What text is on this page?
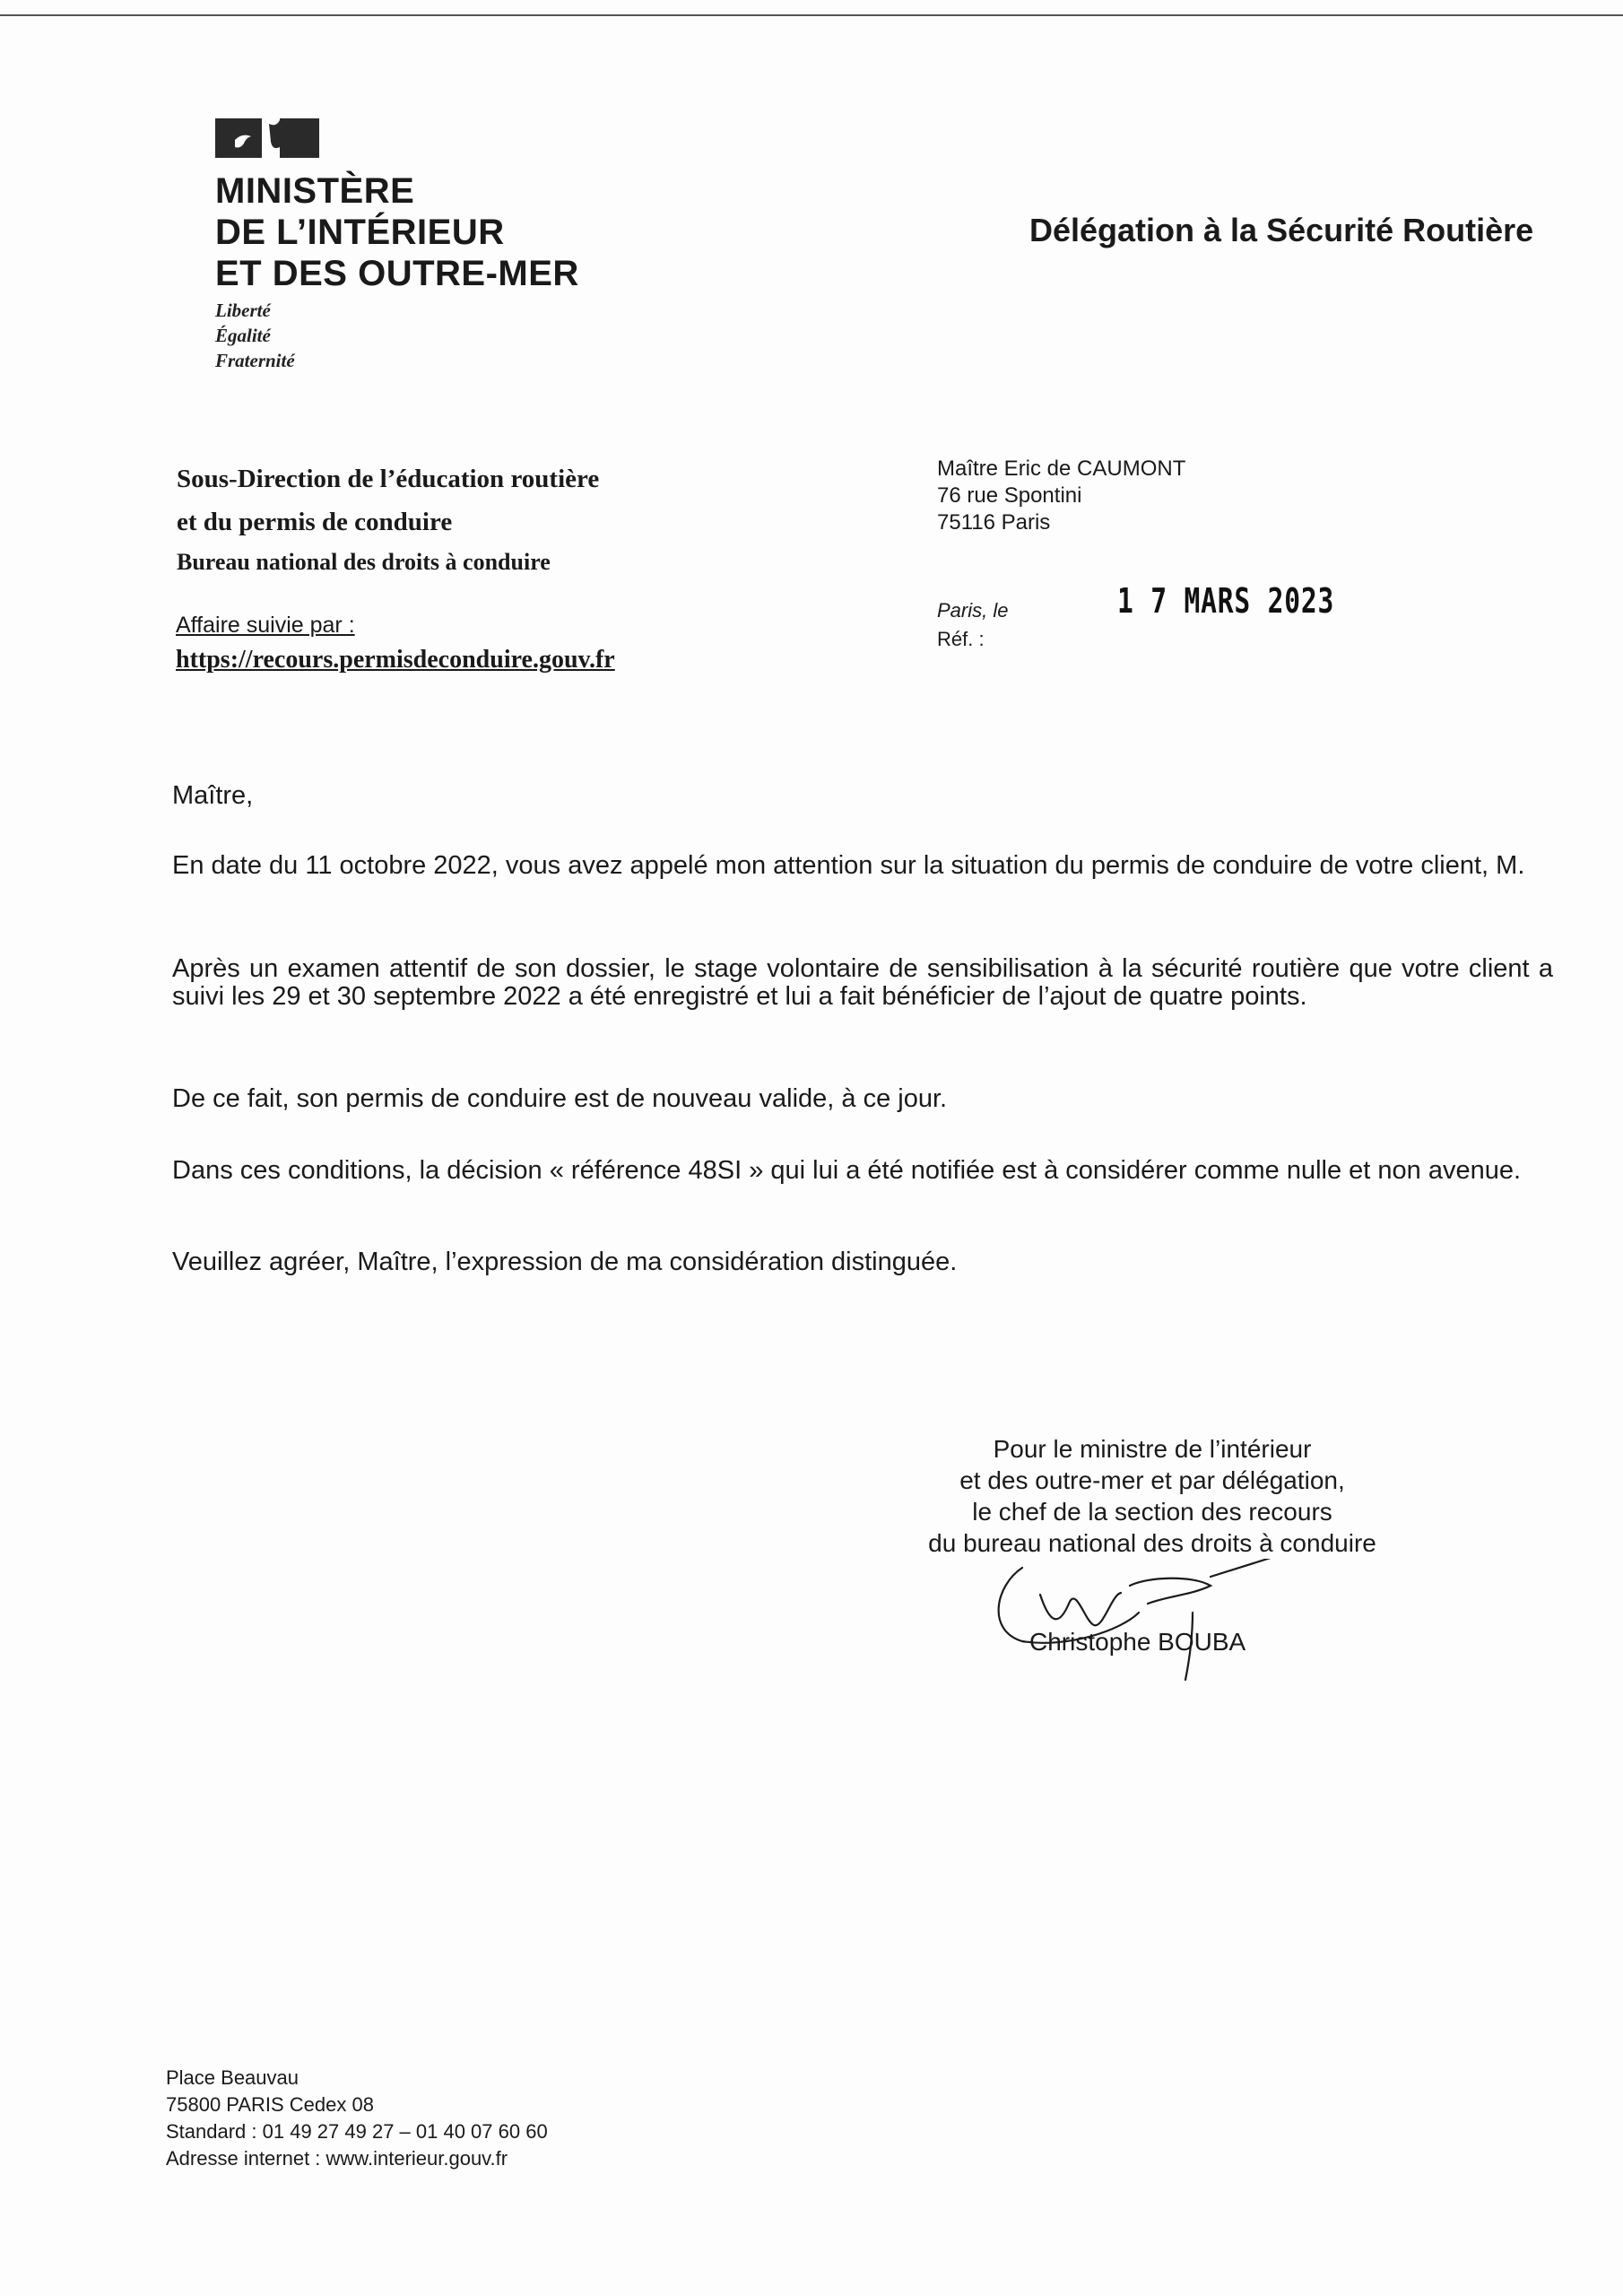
MINISTÈRE
DE L’INTÉRIEUR
ET DES OUTRE-MER
Liberté
Égalité
Fraternité
Délégation à la Sécurité Routière
Sous-Direction de l’éducation routière
et du permis de conduire
Bureau national des droits à conduire
Affaire suivie par :
https://recours.permisdeconduire.gouv.fr
Maître Eric de CAUMONT
76 rue Spontini
75116 Paris
Paris, le
Réf. :
1 7 MARS 2023
Maître,

En date du 11 octobre 2022, vous avez appelé mon attention sur la situation du permis de conduire de votre client, M.

Après un examen attentif de son dossier, le stage volontaire de sensibilisation à la sécurité routière que votre client a suivi les 29 et 30 septembre 2022 a été enregistré et lui a fait bénéficier de l’ajout de quatre points.

De ce fait, son permis de conduire est de nouveau valide, à ce jour.

Dans ces conditions, la décision « référence 48SI » qui lui a été notifiée est à considérer comme nulle et non avenue.

Veuillez agréer, Maître, l’expression de ma considération distinguée.

Pour le ministre de l’intérieur
et des outre-mer et par délégation,
le chef de la section des recours
du bureau national des droits à conduire
Christophe BOUBA
Place Beauvau
75800 PARIS Cedex 08
Standard : 01 49 27 49 27 – 01 40 07 60 60
Adresse internet : www.interieur.gouv.fr
